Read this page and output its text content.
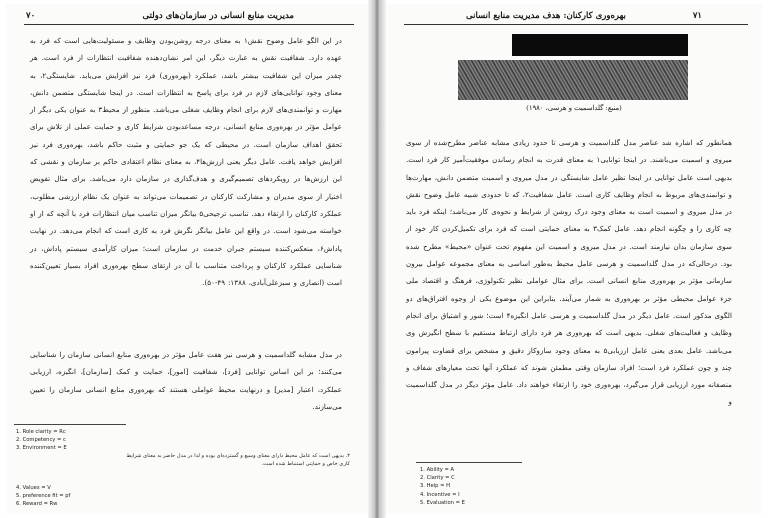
۷۰	مدیریت منابع انسانی در سازمان‌های دولتی
در این الگو عامل وضوح نقش۱ به معنای درجه روشن‌بودن وظایف و مسئولیت‌هایی است که فرد به عهده دارد. شفافیت نقش به عبارت دیگر، این امر نشان‌دهنده شفافیت انتظارات از فرد است. هر چقدر میزان این شفافیت بیشتر باشد، عملکرد (بهره‌وری) فرد نیز افزایش می‌یابد. شایستگی۲، به معنای وجود توانایی‌های لازم در فرد برای پاسخ به انتظارات است. در اینجا شایستگی متضمن دانش، مهارت و توانمندی‌های لازم برای انجام وظایف شغلی می‌باشد. منظور از محیط۳ به عنوان یکی دیگر از عوامل مؤثر در بهره‌وری منابع انسانی، درجه مساعدبودن شرایط کاری و حمایت عملی از تلاش برای تحقق اهداف سازمان است. در محیطی که یک جو حمایتی و مثبت حاکم باشد، بهره‌وری فرد نیز افزایش خواهد یافت. عامل دیگر یعنی ارزش‌ها۴، به معنای نظام اعتقادی حاکم بر سازمان و نقشی که این ارزش‌ها در رویکردهای تصمیم‌گیری و هدف‌گذاری در سازمان دارد می‌باشد. برای مثال تفویض اختیار از سوی مدیران و مشارکت کارکنان در تصمیمات می‌تواند به عنوان یک نظام ارزشی مطلوب، عملکرد کارکنان را ارتقاء دهد. تناسب ترجیحی۵ بیانگر میزان تناسب میان انتظارات فرد با آنچه که از او خواسته می‌شود است. در واقع این عامل بیانگر نگرش فرد به کاری است که انجام می‌دهد. در نهایت پاداش۶، منعکس‌کننده سیستم جبران خدمت در سازمان است؛ میزان کارآمدی سیستم پاداش، در شناسایی عملکرد کارکنان و پرداخت متناسب با آن در ارتقای سطح بهره‌وری افراد بسیار تعیین‌کننده است (انصاری و سبزعلی‌آبادی، ۱۳۸۸: ۴۹-۵۰).
در مدل مشابه گلداسمیت و هرسی نیز هفت عامل مؤثر در بهره‌وری منابع انسانی سازمان را شناسایی می‌کنند؛ بر این اساس توانایی [فرد]، شفافیت [امور]، حمایت و کمک [سازمان]، انگیزه، ارزیابی عملکرد، اعتبار [مدیر] و درنهایت محیط عواملی هستند که بهره‌وری منابع انسانی سازمان را تعیین می‌سازند.
1. Role clarity = Rc
2. Competency = c
3. Environment = E
۴. بدیهی است که عامل محیط دارای معنای وسیع و گسترده‌ای بوده و لذا در مدل حاضر به معنای شرایط کاری خاص و حمایتی استنباط شده است.
4. Values = V
5. preference fit = pf
6. Reward = Rw
۷۱
بهره‌وری کارکنان: هدف مدیریت منابع انسانی
(منبع: گلداسمیت و هرسی، ۱۹۸۰)
همانطور که اشاره شد عناصر مدل گلداسمیت و هرسی تا حدود زیادی مشابه عناصر مطرح‌شده از سوی میروی و اسمیت می‌باشند. در اینجا توانایی۱ به معنای قدرت به انجام رساندن موفقیت‌آمیز کار فرد است. بدیهی است عامل توانایی در اینجا نظیر عامل شایستگی در مدل میروی و اسمیت متضمن دانش، مهارت‌ها و توانمندی‌های مربوط به انجام وظایف کاری است. عامل شفافیت۲، که تا حدودی شبیه عامل وضوح نقش در مدل میروی و اسمیت است به معنای وجود درک روشن از شرایط و نحوه‌ی کار می‌باشد؛ اینکه فرد باید چه کاری را و چگونه انجام دهد. عامل کمک۳ به معنای حمایتی است که فرد برای تکمیل‌کردن کار خود از سوی سازمان بدان نیازمند است. در مدل میروی و اسمیت این مفهوم تحت عنوان «محیط» مطرح شده بود. درحالی‌که در مدل گلداسمیت و هرسی عامل محیط به‌طور اساسی به معنای مجموعه عوامل بیرون سازمانی مؤثر بر بهره‌وری منابع انسانی است. برای مثال عواملی نظیر تکنولوژی، فرهنگ و اقتصاد ملی جزء عوامل محیطی مؤثر بر بهره‌وری به شمار می‌آیند. بنابراین این موضوع یکی از وجوه افتراق‌های دو الگوی مذکور است. عامل دیگر در مدل گلداسمیت و هرسی عامل انگیزه۴ است؛ شور و اشتیاق برای انجام وظایف و فعالیت‌های شغلی. بدیهی است که بهره‌وری هر فرد دارای ارتباط مستقیم با سطح انگیزش وی می‌باشد. عامل بعدی یعنی عامل ارزیابی۵ به معنای وجود سازوکار دقیق و مشخص برای قضاوت پیرامون چند و چون عملکرد فرد است؛ افراد سازمان وقتی مطمئن شوند که عملکرد آنها تحت معیارهای شفاف و منصفانه مورد ارزیابی قرار می‌گیرد، بهره‌وری خود را ارتقاء خواهند داد. عامل مؤثر دیگر در مدل گلداسمیت و
1. Ability = A
2. Clarity = C
3. Help = H
4. Incentive = I
5. Evaluation = E
